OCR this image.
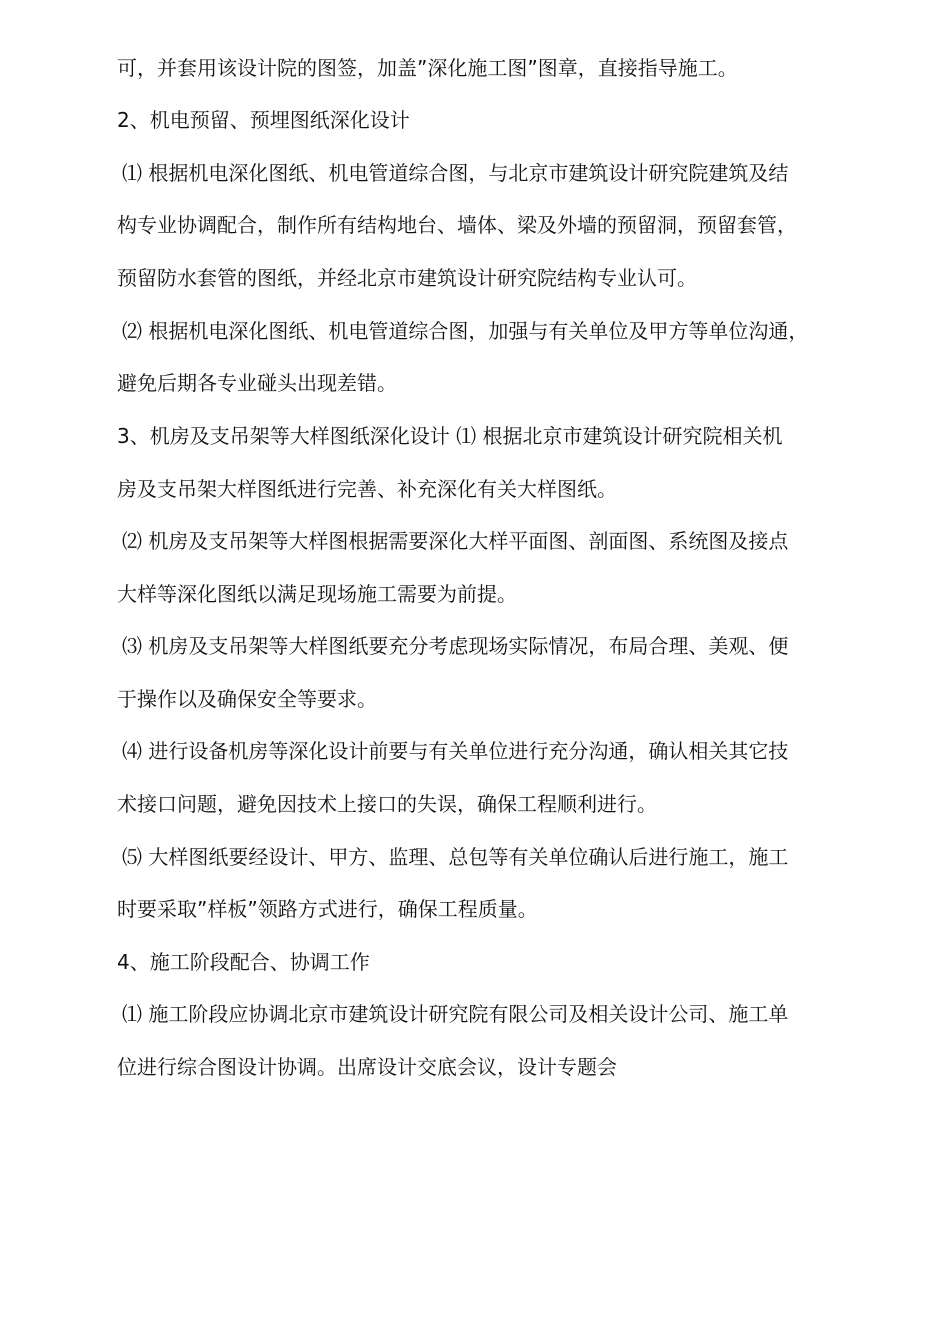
可，并套用该设计院的图签，加盖”深化施工图”图章，直接指导施工。
2、机电预留、预埋图纸深化设计
⑴ 根据机电深化图纸、机电管道综合图，与北京市建筑设计研究院建筑及结
构专业协调配合，制作所有结构地台、墙体、梁及外墙的预留洞，预留套管，
预留防水套管的图纸，并经北京市建筑设计研究院结构专业认可。
⑵ 根据机电深化图纸、机电管道综合图，加强与有关单位及甲方等单位沟通，
避免后期各专业碰头出现差错。
3、机房及支吊架等大样图纸深化设计 ⑴ 根据北京市建筑设计研究院相关机
房及支吊架大样图纸进行完善、补充深化有关大样图纸。
⑵ 机房及支吊架等大样图根据需要深化大样平面图、剖面图、系统图及接点
大样等深化图纸以满足现场施工需要为前提。
⑶ 机房及支吊架等大样图纸要充分考虑现场实际情况，布局合理、美观、便
于操作以及确保安全等要求。
⑷ 进行设备机房等深化设计前要与有关单位进行充分沟通，确认相关其它技
术接口问题，避免因技术上接口的失误，确保工程顺利进行。
⑸ 大样图纸要经设计、甲方、监理、总包等有关单位确认后进行施工，施工
时要采取”样板”领路方式进行，确保工程质量。
4、施工阶段配合、协调工作
⑴ 施工阶段应协调北京市建筑设计研究院有限公司及相关设计公司、施工单
位进行综合图设计协调。出席设计交底会议，设计专题会
